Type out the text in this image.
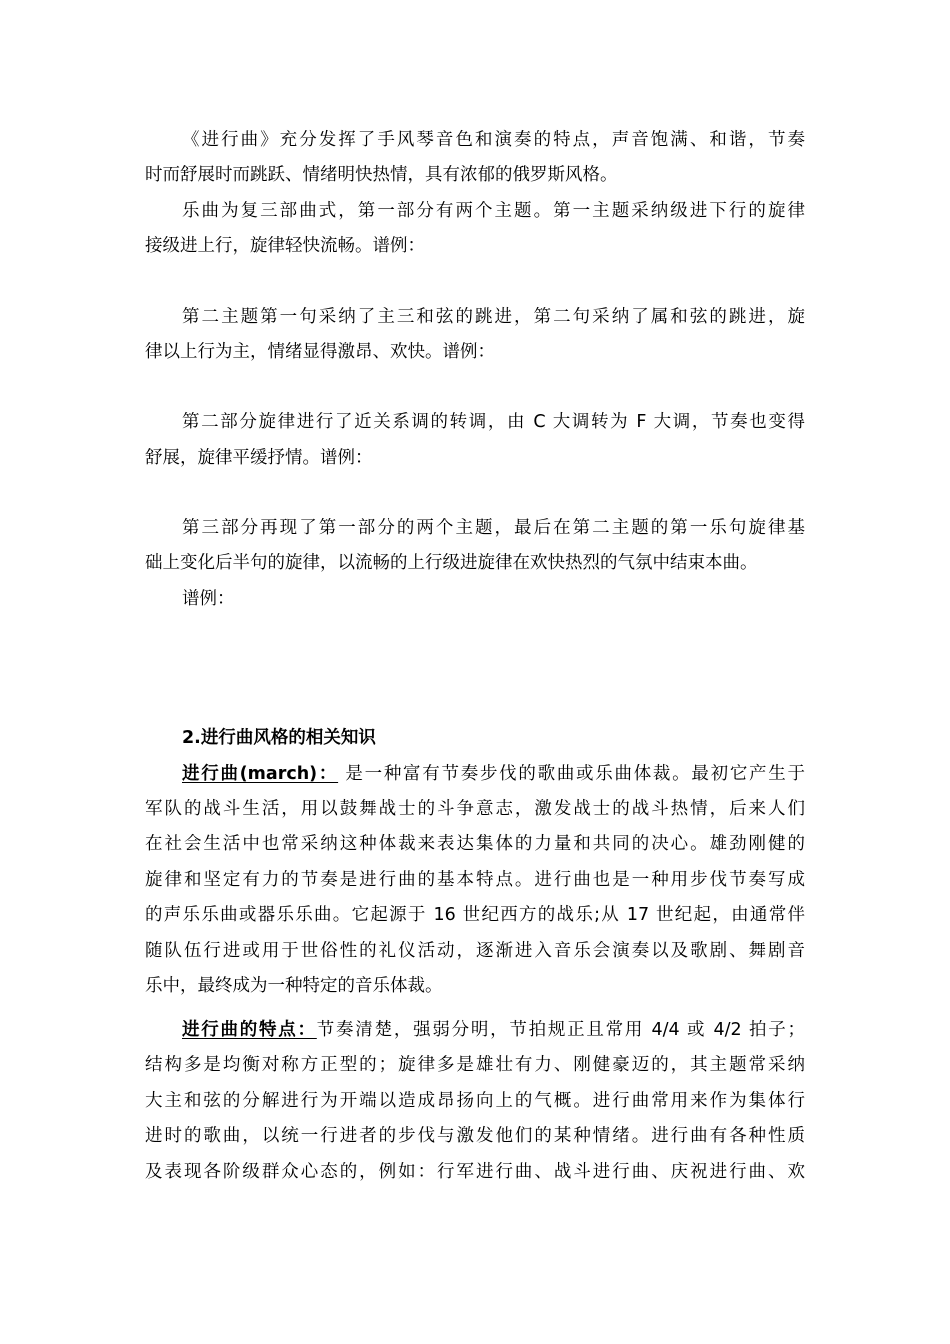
《进行曲》充分发挥了手风琴音色和演奏的特点，声音饱满、和谐，节奏
时而舒展时而跳跃、情绪明快热情，具有浓郁的俄罗斯风格。
乐曲为复三部曲式，第一部分有两个主题。第一主题采纳级进下行的旋律
接级进上行，旋律轻快流畅。谱例：
第二主题第一句采纳了主三和弦的跳进，第二句采纳了属和弦的跳进，旋
律以上行为主，情绪显得激昂、欢快。谱例：
第二部分旋律进行了近关系调的转调，由 C 大调转为 F 大调，节奏也变得
舒展，旋律平缓抒情。谱例：
第三部分再现了第一部分的两个主题，最后在第二主题的第一乐句旋律基
础上变化后半句的旋律，以流畅的上行级进旋律在欢快热烈的气氛中结束本曲。
谱例：
2.进行曲风格的相关知识
进行曲(march)： 是一种富有节奏步伐的歌曲或乐曲体裁。最初它产生于
军队的战斗生活，用以鼓舞战士的斗争意志，激发战士的战斗热情，后来人们
在社会生活中也常采纳这种体裁来表达集体的力量和共同的决心。雄劲刚健的
旋律和坚定有力的节奏是进行曲的基本特点。进行曲也是一种用步伐节奏写成
的声乐乐曲或器乐乐曲。它起源于 16 世纪西方的战乐;从 17 世纪起，由通常伴
随队伍行进或用于世俗性的礼仪活动，逐渐进入音乐会演奏以及歌剧、舞剧音
乐中，最终成为一种特定的音乐体裁。
进行曲的特点：节奏清楚，强弱分明，节拍规正且常用 4/4 或 4/2 拍子；
结构多是均衡对称方正型的；旋律多是雄壮有力、刚健豪迈的，其主题常采纳
大主和弦的分解进行为开端以造成昂扬向上的气概。进行曲常用来作为集体行
进时的歌曲，以统一行进者的步伐与激发他们的某种情绪。进行曲有各种性质
及表现各阶级群众心态的，例如：行军进行曲、战斗进行曲、庆祝进行曲、欢
